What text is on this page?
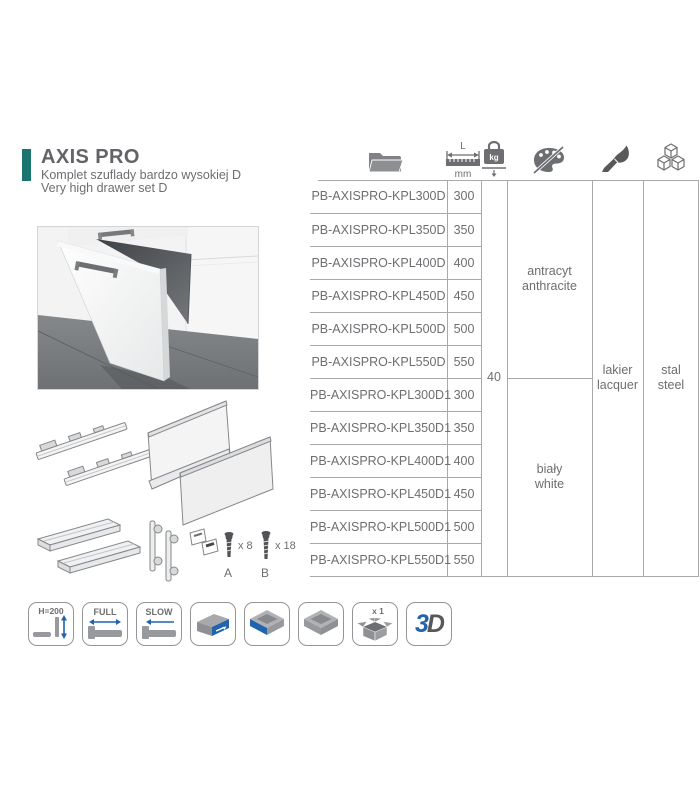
AXIS PRO
Komplet szuflady bardzo wysokiej D
Very high drawer set D
x 8
A
x 18
B
L
mm
kg
PB-AXISPRO-KPL300D 300
PB-AXISPRO-KPL350D 350
PB-AXISPRO-KPL400D 400
PB-AXISPRO-KPL450D 450
PB-AXISPRO-KPL500D 500
PB-AXISPRO-KPL550D 550
PB-AXISPRO-KPL300D1 300
PB-AXISPRO-KPL350D1 350
PB-AXISPRO-KPL400D1 400
PB-AXISPRO-KPL450D1 450
PB-AXISPRO-KPL500D1 500
PB-AXISPRO-KPL550D1 550
40
antracyt
anthracite
biały
white
lakier
lacquer
stal
steel
H=200	FULL	SLOW	x 1 3D
